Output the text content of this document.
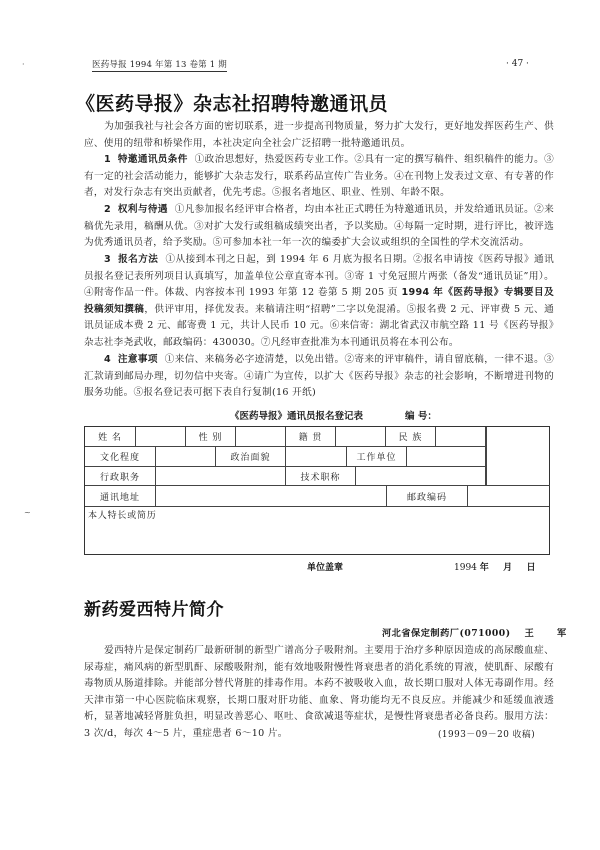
·
~
医药导报 1994 年第 13 卷第 1 期	· 47 ·
《医药导报》杂志社招聘特邀通讯员
为加强我社与社会各方面的密切联系，进一步提高刊物质量，努力扩大发行，更好地发挥医药生产、供应、使用的纽带和桥梁作用，本社决定向全社会广泛招聘一批特邀通讯员。
1 特邀通讯员条件 ①政治思想好，热爱医药专业工作。②具有一定的撰写稿件、组织稿件的能力。③有一定的社会活动能力，能够扩大杂志发行，联系药品宣传广告业务。④在刊物上发表过文章、有专著的作者，对发行杂志有突出贡献者，优先考虑。⑤报名者地区、职业、性别、年龄不限。
2 权利与待遇 ①凡参加报名经评审合格者，均由本社正式聘任为特邀通讯员，并发给通讯员证。②来稿优先录用，稿酬从优。③对扩大发行或组稿成绩突出者，予以奖励。④每隔一定时期，进行评比，被评选为优秀通讯员者，给予奖励。⑤可参加本社一年一次的编委扩大会议或组织的全国性的学术交流活动。
3 报名方法 ①从接到本刊之日起，到 1994 年 6 月底为报名日期。②报名申请按《医药导报》通讯员报名登记表所列项目认真填写，加盖单位公章直寄本刊。③寄 1 寸免冠照片两张（备发“通讯员证”用）。④附寄作品一件。体裁、内容按本刊 1993 年第 12 卷第 5 期 205 页 1994 年《医药导报》专辑要目及投稿须知撰稿，供评审用，择优发表。来稿请注明“招聘”二字以免混淆。⑤报名费 2 元、评审费 5 元、通讯员证成本费 2 元、邮寄费 1 元，共计人民币 10 元。⑥来信寄：湖北省武汉市航空路 11 号《医药导报》杂志社李尧武收，邮政编码：430030。⑦凡经审查批准为本刊通讯员将在本刊公布。
4 注意事项 ①来信、来稿务必字迹清楚，以免出错。②寄来的评审稿件，请自留底稿，一律不退。③汇款请到邮局办理，切勿信中夹寄。④请广为宣传，以扩大《医药导报》杂志的社会影响，不断增进刊物的服务功能。⑤报名登记表可据下表自行复制(16 开纸)
《医药导报》通讯员报名登记表	编 号：
姓 名	性 别	籍 贯	民 族
文化程度	政治面貌	工作单位
行政职务	技术职称
通讯地址	邮政编码
本人特长或简历
单位盖章	1994 年 月 日
新药爱西特片简介
河北省保定制药厂(071000) 王 军
爱西特片是保定制药厂最新研制的新型广谱高分子吸附剂。主要用于治疗多种原因造成的高尿酸血症、尿毒症，痛风病的新型肌酐、尿酸吸附剂，能有效地吸附慢性肾衰患者的消化系统的胃液，使肌酐、尿酸有毒物质从肠道排除。并能部分替代肾脏的排毒作用。本药不被吸收入血，故长期口服对人体无毒副作用。经天津市第一中心医院临床观察，长期口服对肝功能、血象、肾功能均无不良反应。并能减少和延缓血液透析，显著地减轻肾脏负担，明显改善恶心、呕吐、食欲减退等症状，是慢性肾衰患者必备良药。服用方法：3 次/d，每次 4～5 片，重症患者 6～10 片。	(1993－09－20 收稿)
